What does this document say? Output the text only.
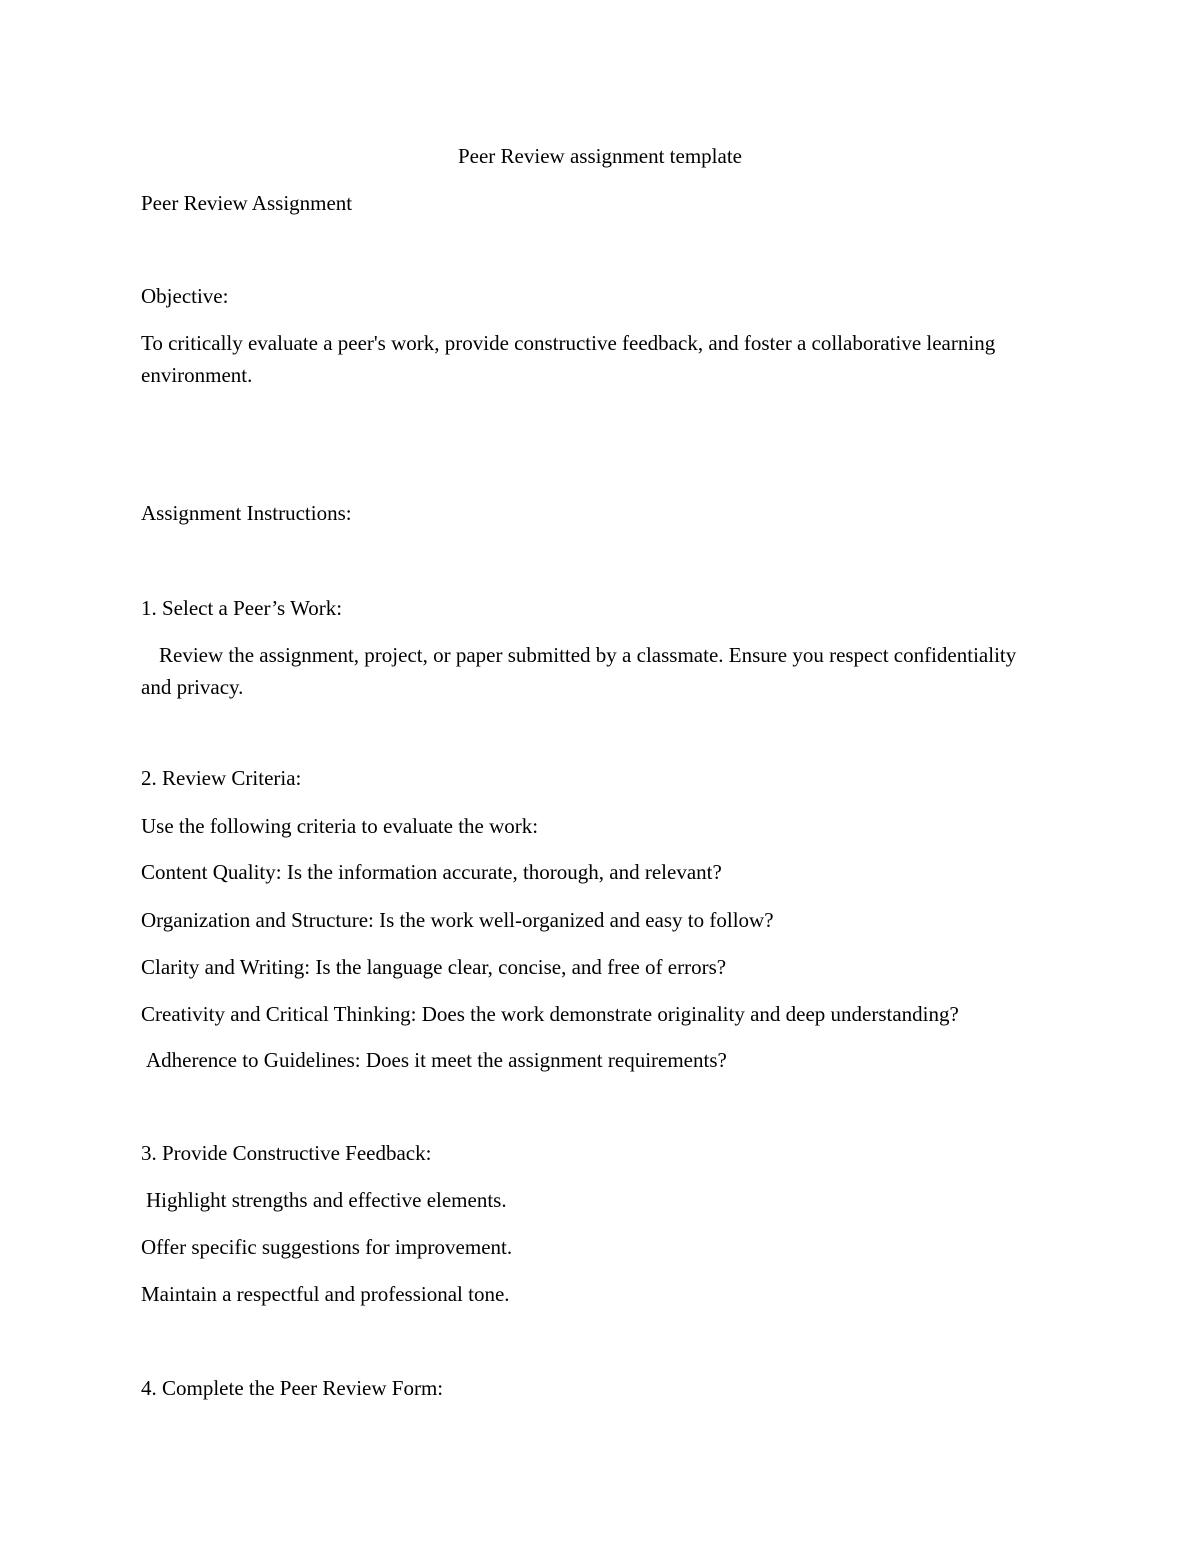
Peer Review assignment template

Peer Review Assignment

Objective:

To critically evaluate a peer's work, provide constructive feedback, and foster a collaborative learning environment.

Assignment Instructions:

1. Select a Peer’s Work:

Review the assignment, project, or paper submitted by a classmate. Ensure you respect confidentiality and privacy.

2. Review Criteria:

Use the following criteria to evaluate the work:

Content Quality: Is the information accurate, thorough, and relevant?

Organization and Structure: Is the work well-organized and easy to follow?

Clarity and Writing: Is the language clear, concise, and free of errors?

Creativity and Critical Thinking: Does the work demonstrate originality and deep understanding?

Adherence to Guidelines: Does it meet the assignment requirements?

3. Provide Constructive Feedback:

Highlight strengths and effective elements.

Offer specific suggestions for improvement.

Maintain a respectful and professional tone.

4. Complete the Peer Review Form:
